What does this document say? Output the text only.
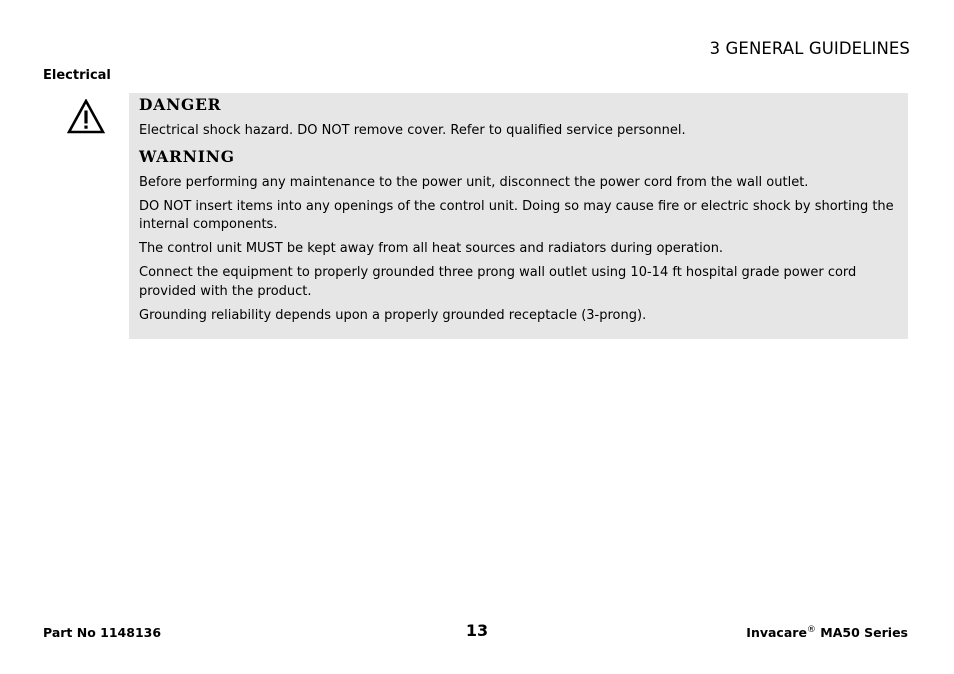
3 GENERAL GUIDELINES
Electrical

DANGER

Electrical shock hazard. DO NOT remove cover. Refer to qualified service personnel.

WARNING

Before performing any maintenance to the power unit, disconnect the power cord from the wall outlet.

DO NOT insert items into any openings of the control unit. Doing so may cause fire or electric shock by shorting the internal components.

The control unit MUST be kept away from all heat sources and radiators during operation.

Connect the equipment to properly grounded three prong wall outlet using 10-14 ft hospital grade power cord provided with the product.

Grounding reliability depends upon a properly grounded receptacle (3-prong).

Part No 1148136	13	Invacare® MA50 Series
